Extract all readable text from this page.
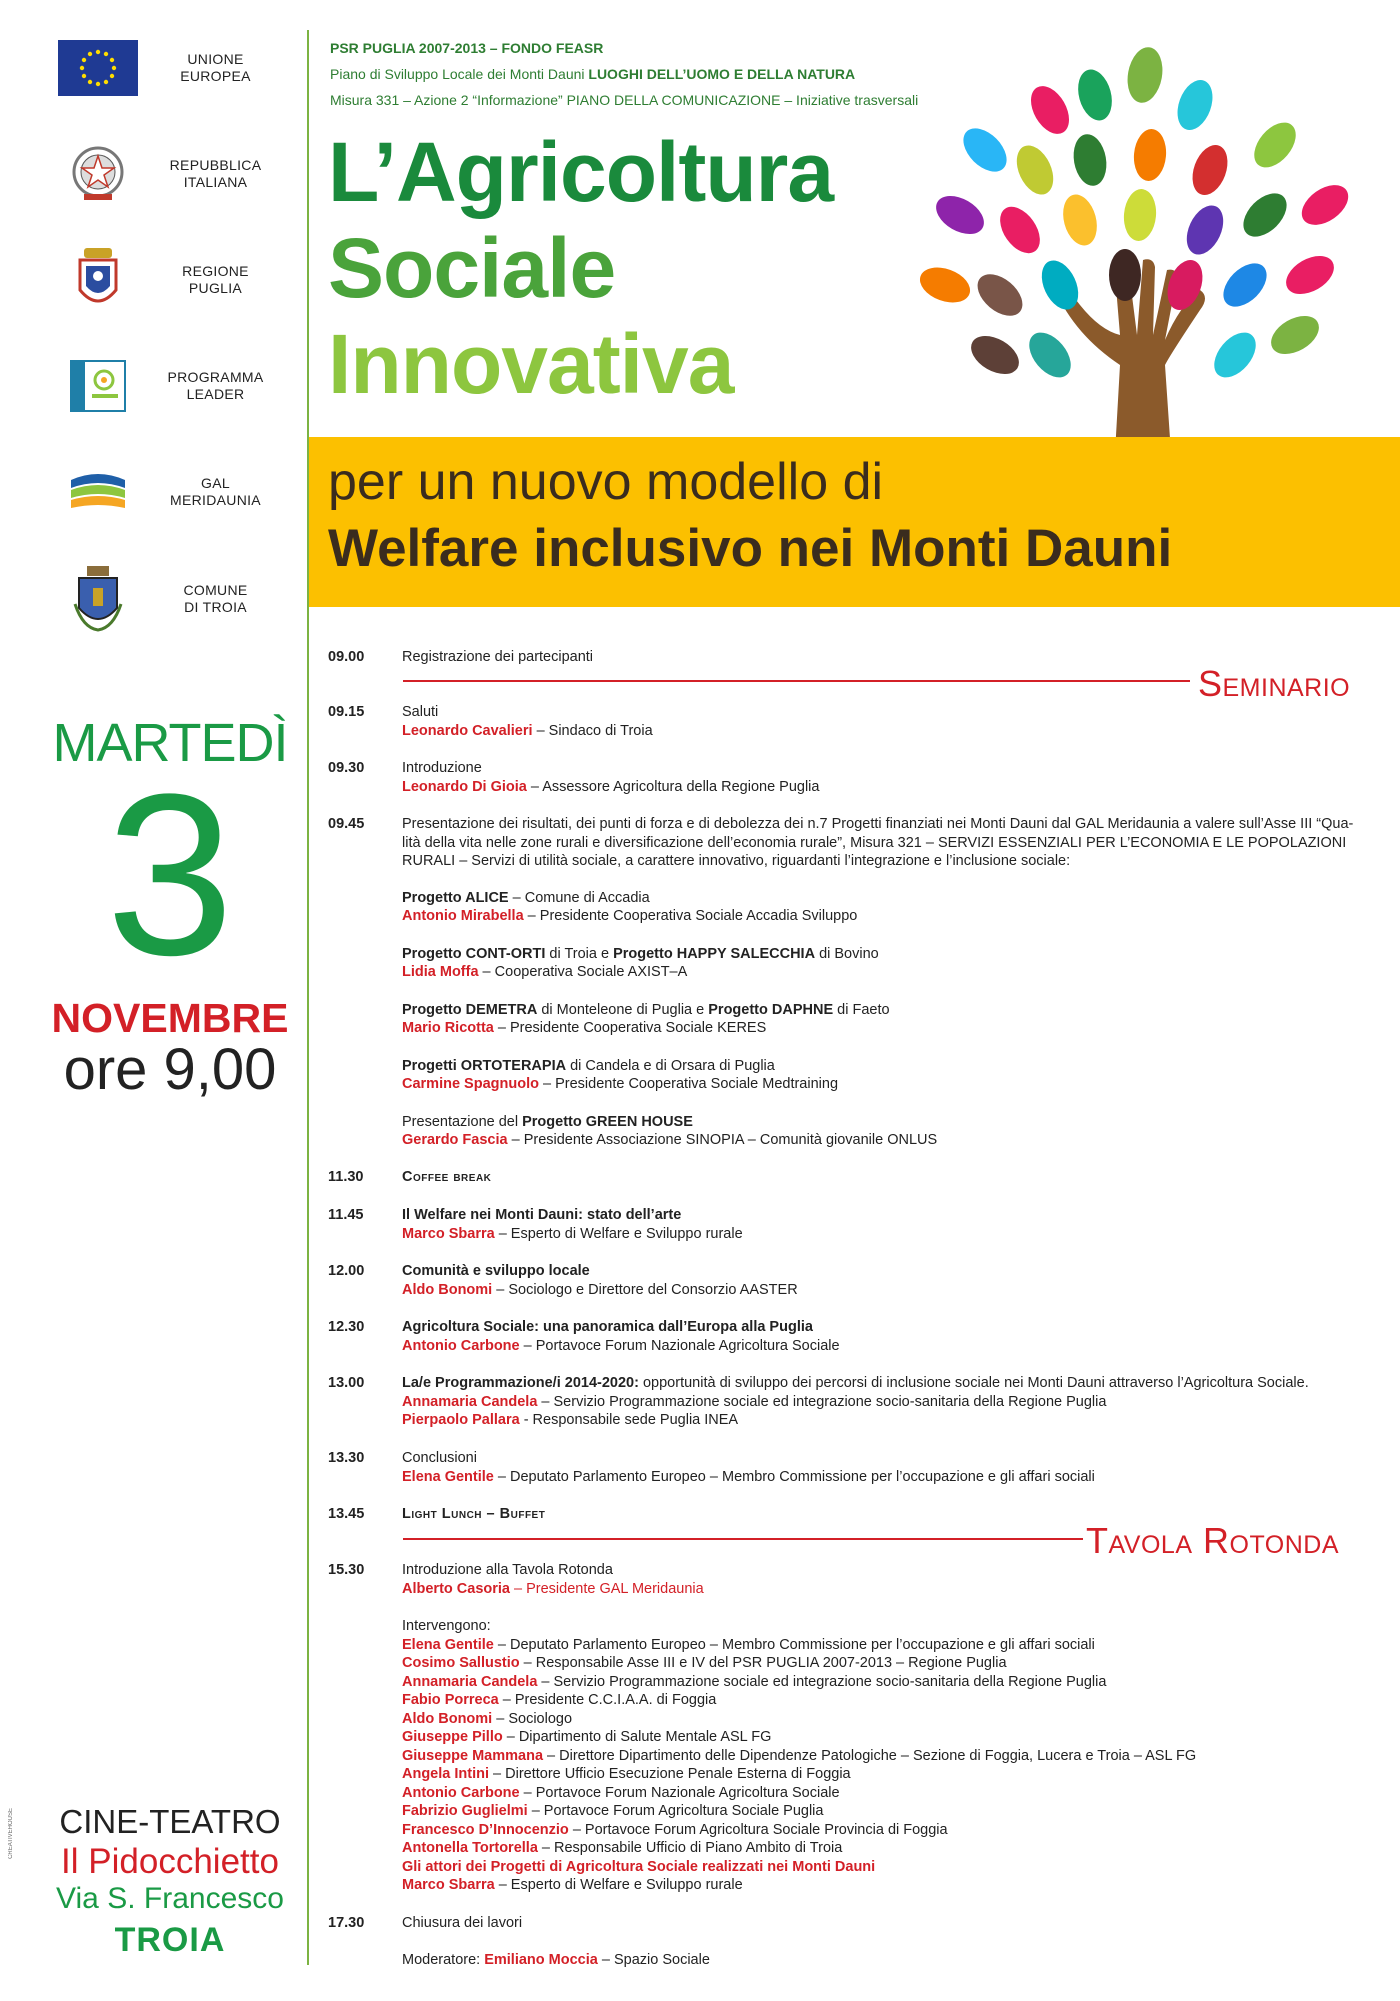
UNIONE
EUROPEA
REPUBBLICA
ITALIANA
REGIONE
PUGLIA
PROGRAMMA
LEADER
GAL
MERIDAUNIA
COMUNE
DI TROIA
MARTEDÌ
3
NOVEMBRE
ore 9,00
CREATIVEHOUSE	CINE-TEATRO
Il Pidocchietto
Via S. Francesco
TROIA
PSR PUGLIA 2007-2013 – FONDO FEASR
Piano di Sviluppo Locale dei Monti Dauni LUOGHI DELL’UOMO E DELLA NATURA
Misura 331 – Azione 2 “Informazione” PIANO DELLA COMUNICAZIONE – Iniziative trasversali
L’Agricoltura
Sociale
Innovativa
per un nuovo modello di
Welfare inclusivo nei Monti Dauni
Seminario
09.00	Registrazione dei partecipanti
09.15	Saluti
Leonardo Cavalieri – Sindaco di Troia
09.30	Introduzione
Leonardo Di Gioia – Assessore Agricoltura della Regione Puglia
09.45	Presentazione dei risultati, dei punti di forza e di debolezza dei n.7 Progetti finanziati nei Monti Dauni dal GAL Meridaunia a valere sull’Asse III “Qua-
lità della vita nelle zone rurali e diversificazione dell’economia rurale”, Misura 321 – SERVIZI ESSENZIALI PER L’ECONOMIA E LE POPOLAZIONI
RURALI – Servizi di utilità sociale, a carattere innovativo, riguardanti l’integrazione e l’inclusione sociale:
Progetto ALICE – Comune di Accadia
Antonio Mirabella – Presidente Cooperativa Sociale Accadia Sviluppo
Progetto CONT-ORTI di Troia e Progetto HAPPY SALECCHIA di Bovino
Lidia Moffa – Cooperativa Sociale AXIST–A
Progetto DEMETRA di Monteleone di Puglia e Progetto DAPHNE di Faeto
Mario Ricotta – Presidente Cooperativa Sociale KERES
Progetti ORTOTERAPIA di Candela e di Orsara di Puglia
Carmine Spagnuolo – Presidente Cooperativa Sociale Medtraining
Presentazione del Progetto GREEN HOUSE
Gerardo Fascia – Presidente Associazione SINOPIA – Comunità giovanile ONLUS
11.30	Coffee break
11.45	Il Welfare nei Monti Dauni: stato dell’arte
Marco Sbarra – Esperto di Welfare e Sviluppo rurale
12.00	Comunità e sviluppo locale
Aldo Bonomi – Sociologo e Direttore del Consorzio AASTER
12.30	Agricoltura Sociale: una panoramica dall’Europa alla Puglia
Antonio Carbone – Portavoce Forum Nazionale Agricoltura Sociale
13.00	La/e Programmazione/i 2014-2020: opportunità di sviluppo dei percorsi di inclusione sociale nei Monti Dauni attraverso l’Agricoltura Sociale.
Annamaria Candela – Servizio Programmazione sociale ed integrazione socio-sanitaria della Regione Puglia
Pierpaolo Pallara - Responsabile sede Puglia INEA
13.30	Conclusioni
Elena Gentile – Deputato Parlamento Europeo – Membro Commissione per l’occupazione e gli affari sociali
13.45	Light Lunch – Buffet
Tavola Rotonda
15.30	Introduzione alla Tavola Rotonda
Alberto Casoria – Presidente GAL Meridaunia
Intervengono:
Elena Gentile – Deputato Parlamento Europeo – Membro Commissione per l’occupazione e gli affari sociali
Cosimo Sallustio – Responsabile Asse III e IV del PSR PUGLIA 2007-2013 – Regione Puglia
Annamaria Candela – Servizio Programmazione sociale ed integrazione socio-sanitaria della Regione Puglia
Fabio Porreca – Presidente C.C.I.A.A. di Foggia
Aldo Bonomi – Sociologo
Giuseppe Pillo – Dipartimento di Salute Mentale ASL FG
Giuseppe Mammana – Direttore Dipartimento delle Dipendenze Patologiche – Sezione di Foggia, Lucera e Troia – ASL FG
Angela Intini – Direttore Ufficio Esecuzione Penale Esterna di Foggia
Antonio Carbone – Portavoce Forum Nazionale Agricoltura Sociale
Fabrizio Guglielmi – Portavoce Forum Agricoltura Sociale Puglia
Francesco D’Innocenzio – Portavoce Forum Agricoltura Sociale Provincia di Foggia
Antonella Tortorella – Responsabile Ufficio di Piano Ambito di Troia
Gli attori dei Progetti di Agricoltura Sociale realizzati nei Monti Dauni
Marco Sbarra – Esperto di Welfare e Sviluppo rurale
17.30	Chiusura dei lavori
Moderatore: Emiliano Moccia – Spazio Sociale
